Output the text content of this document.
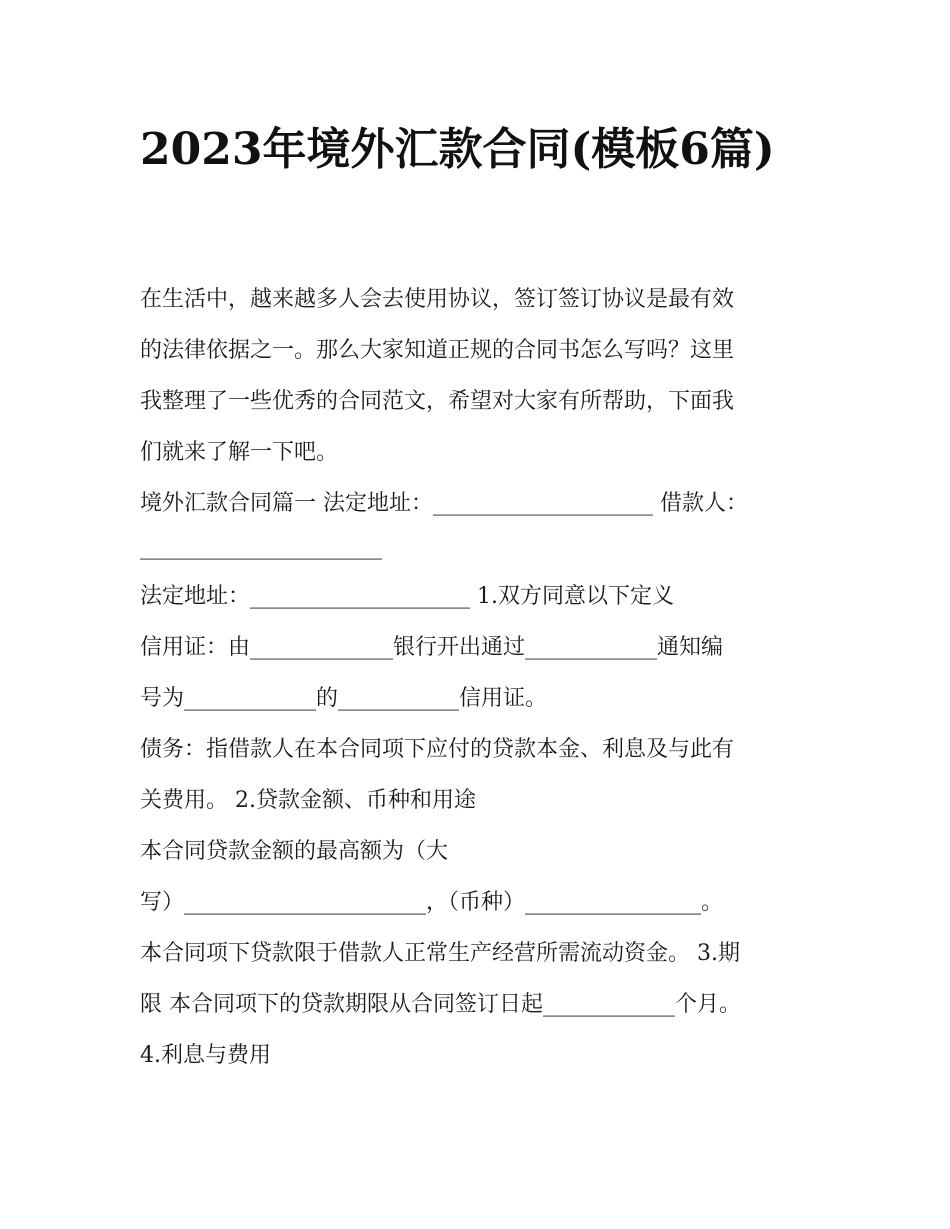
2023年境外汇款合同(模板6篇)

在生活中，越来越多人会去使用协议，签订签订协议是最有效

的法律依据之一。那么大家知道正规的合同书怎么写吗？这里

我整理了一些优秀的合同范文，希望对大家有所帮助，下面我

们就来了解一下吧。

境外汇款合同篇一 法定地址：____________________ 借款人：

______________________

法定地址：____________________ 1.双方同意以下定义

信用证：由_____________银行开出通过____________通知编

号为____________的___________信用证。

债务：指借款人在本合同项下应付的贷款本金、利息及与此有

关费用。 2.贷款金额、币种和用途

本合同贷款金额的最高额为（大

写）______________________，（币种）________________。

本合同项下贷款限于借款人正常生产经营所需流动资金。 3.期

限 本合同项下的贷款期限从合同签订日起____________个月。

4.利息与费用
